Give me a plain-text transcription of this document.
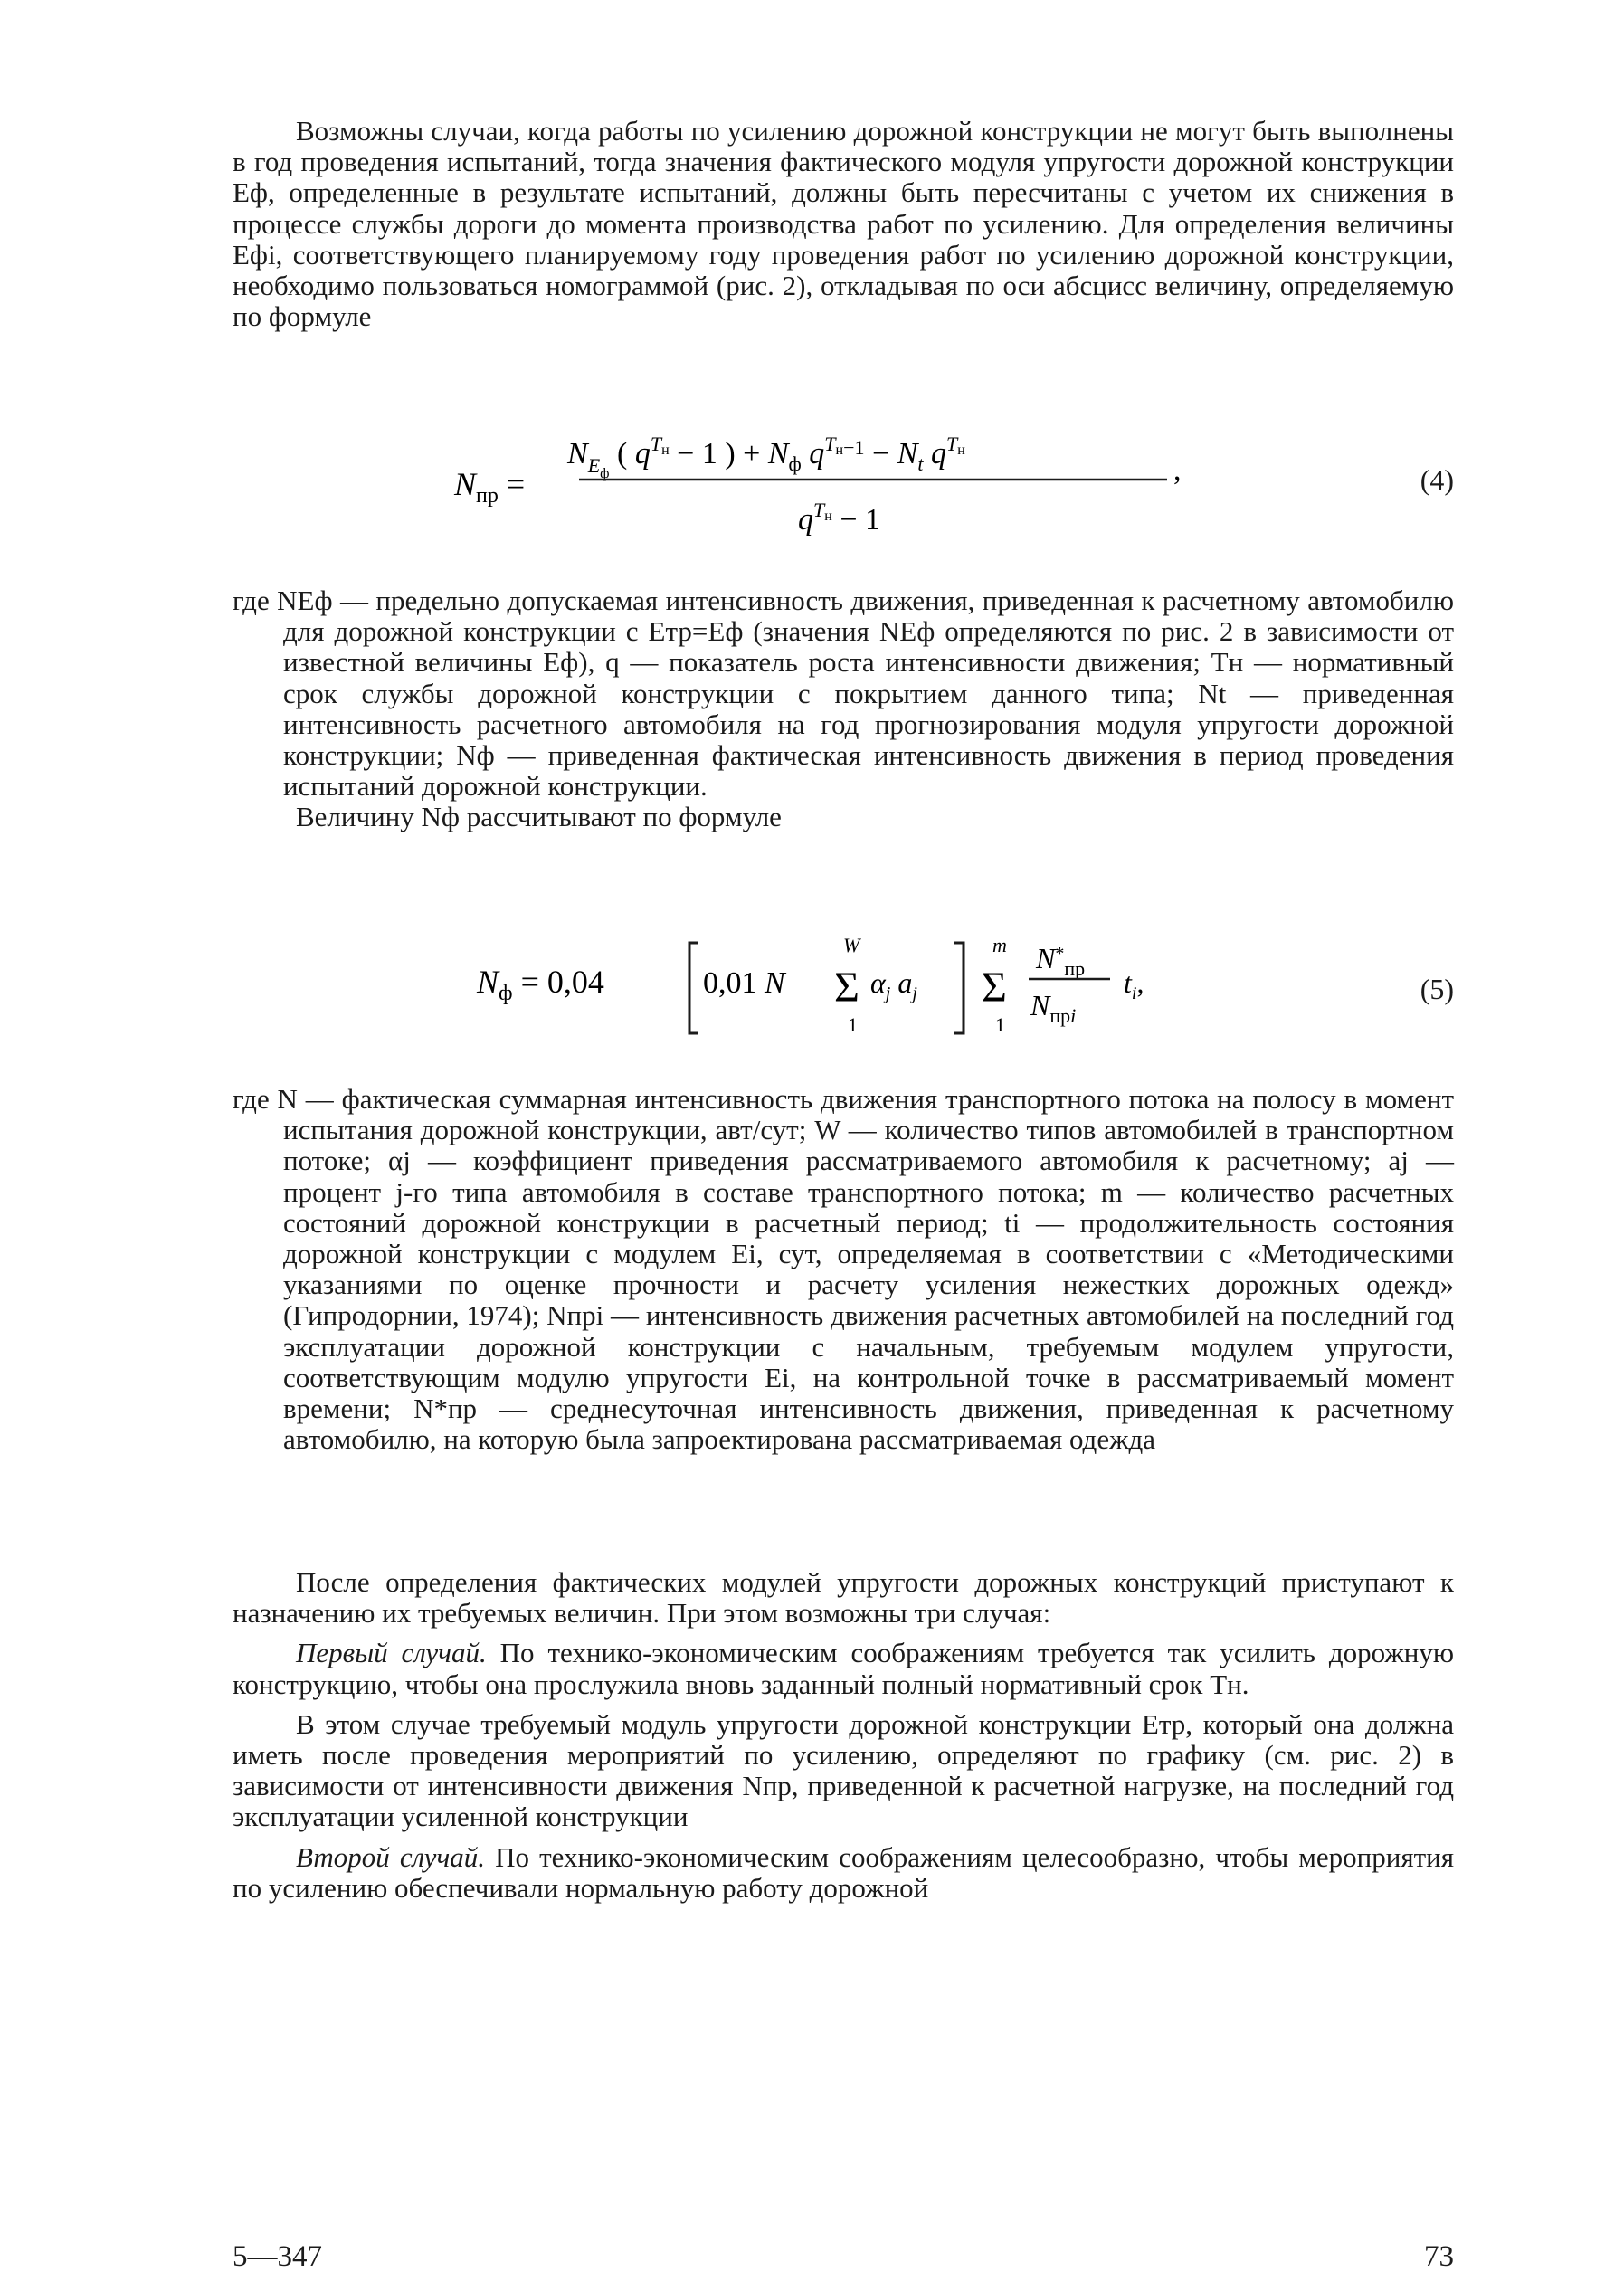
Возможны случаи, когда работы по усилению дорожной конструкции не могут быть выполнены в год проведения испытаний, тогда значения фактического модуля упругости дорожной конструкции Eф, определенные в результате испытаний, должны быть пересчитаны с учетом их снижения в процессе службы дороги до момента производства работ по усилению. Для определения величины Eфi, соответствующего планируемому году проведения работ по усилению дорожной конструкции, необходимо пользоваться номограммой (рис. 2), откладывая по оси абсцисс величину, определяемую по формуле

$N_{пр}$ =
$N_Eф$ ( $q^Tн - 1$ ) + $N_ф$ $q^Tн-1 - N_t$ $q^Tн$
$q^Tн - 1$
,	(4)

где NEф — предельно допускаемая интенсивность движения, приведенная к расчетному автомобилю для дорожной конструкции с Eтр=Eф (значения NEф определяются по рис. 2 в зависимости от известной величины Eф), q — показатель роста интенсивности движения; Tн — нормативный срок службы дорожной конструкции с покрытием данного типа; Nt — приведенная интенсивность расчетного автомобиля на год прогнозирования модуля упругости дорожной конструкции; Nф — приведенная фактическая интенсивность движения в период проведения испытаний дорожной конструкции.

Величину Nф рассчитывают по формуле

$N_ф = 0,04$	0,01 N
W
Σ
1
$\alpha_j$ $a_j$
m
Σ
1
$N^*_{пр}$
$N_{пр}i$
$t_i$,	(5)

где N — фактическая суммарная интенсивность движения транспортного потока на полосу в момент испытания дорожной конструкции, авт/сут; W — количество типов автомобилей в транспортном потоке; αj — коэффициент приведения рассматриваемого автомобиля к расчетному; aj — процент j-го типа автомобиля в составе транспортного потока; m — количество расчетных состояний дорожной конструкции в расчетный период; ti — продолжительность состояния дорожной конструкции с модулем Ei, сут, определяемая в соответствии с «Методическими указаниями по оценке прочности и расчету усиления нежестких дорожных одежд» (Гипродорнии, 1974); Nпрi — интенсивность движения расчетных автомобилей на последний год эксплуатации дорожной конструкции с начальным, требуемым модулем упругости, соответствующим модулю упругости Ei, на контрольной точке в рассматриваемый момент времени; N*пр — среднесуточная интенсивность движения, приведенная к расчетному автомобилю, на которую была запроектирована рассматриваемая одежда

После определения фактических модулей упругости дорожных конструкций приступают к назначению их требуемых величин. При этом возможны три случая:

Первый случай. По технико-экономическим соображениям требуется так усилить дорожную конструкцию, чтобы она прослужила вновь заданный полный нормативный срок Tн.

В этом случае требуемый модуль упругости дорожной конструкции Eтр, который она должна иметь после проведения мероприятий по усилению, определяют по графику (см. рис. 2) в зависимости от интенсивности движения Nпр, приведенной к расчетной нагрузке, на последний год эксплуатации усиленной конструкции

Второй случай. По технико-экономическим соображениям целесообразно, чтобы мероприятия по усилению обеспечивали нормальную работу дорожной

5—347	73
